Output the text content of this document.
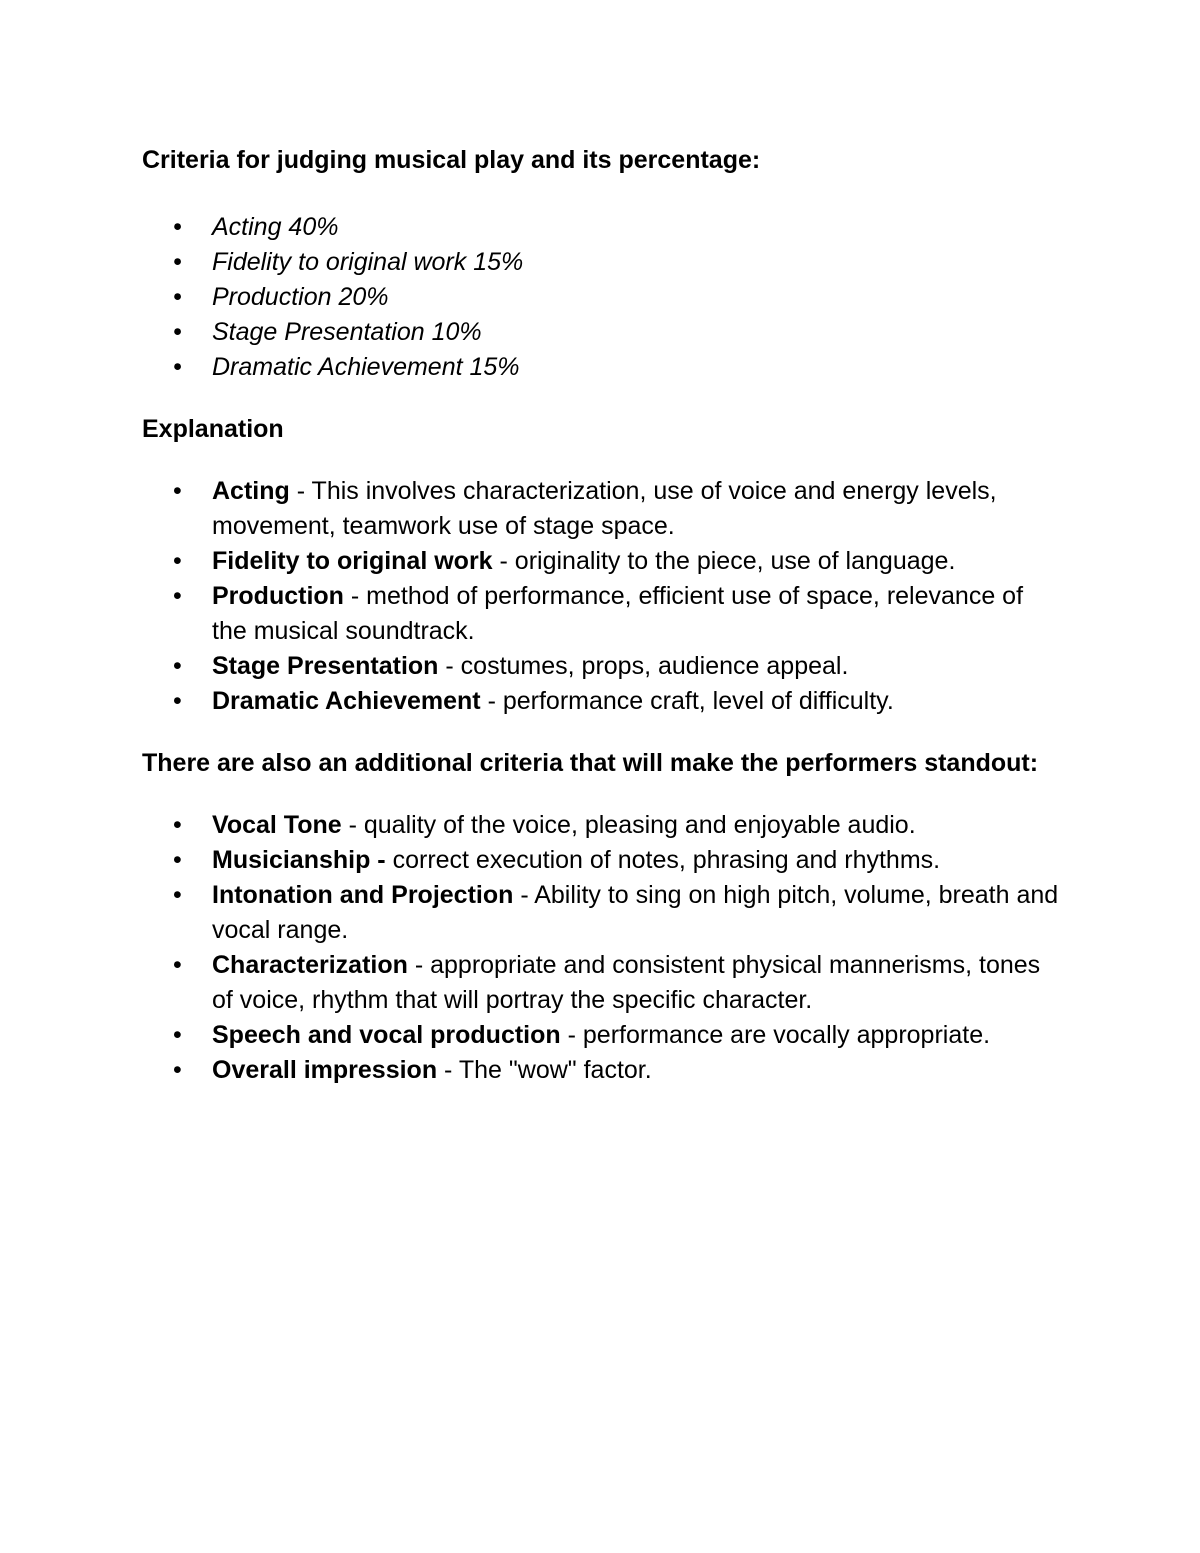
Criteria for judging musical play and its percentage:

• Acting 40%
• Fidelity to original work 15%
• Production 20%
• Stage Presentation 10%
• Dramatic Achievement 15%

Explanation

• Acting - This involves characterization, use of voice and energy levels, movement, teamwork use of stage space.
• Fidelity to original work - originality to the piece, use of language.
• Production - method of performance, efficient use of space, relevance of the musical soundtrack.
• Stage Presentation - costumes, props, audience appeal.
• Dramatic Achievement - performance craft, level of difficulty.

There are also an additional criteria that will make the performers standout:

• Vocal Tone - quality of the voice, pleasing and enjoyable audio.
• Musicianship - correct execution of notes, phrasing and rhythms.
• Intonation and Projection - Ability to sing on high pitch, volume, breath and vocal range.
• Characterization - appropriate and consistent physical mannerisms, tones of voice, rhythm that will portray the specific character.
• Speech and vocal production - performance are vocally appropriate.
• Overall impression - The "wow" factor.
